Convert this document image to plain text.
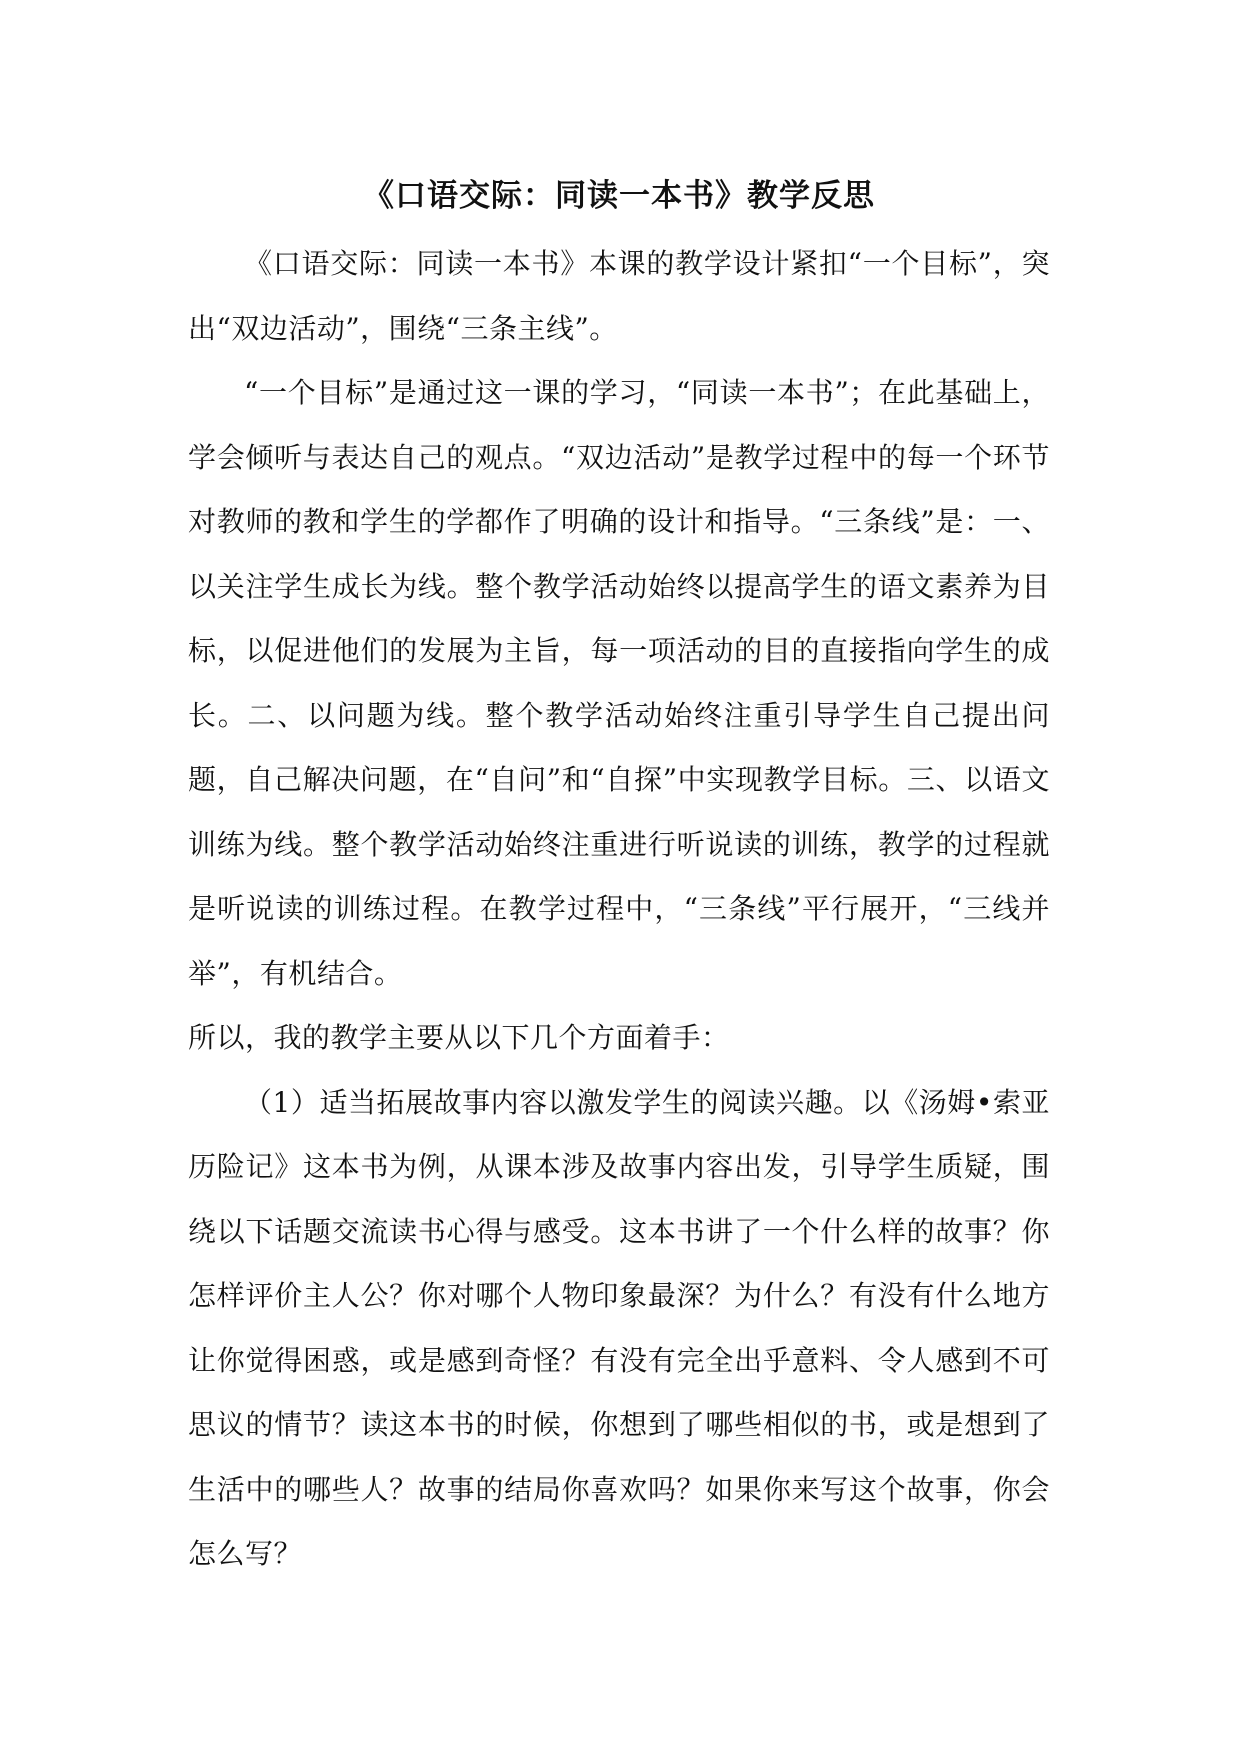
《口语交际：同读一本书》教学反思

《口语交际：同读一本书》本课的教学设计紧扣“一个目标”，突出“双边活动”，围绕“三条主线”。

“一个目标”是通过这一课的学习，“同读一本书”；在此基础上，学会倾听与表达自己的观点。“双边活动”是教学过程中的每一个环节对教师的教和学生的学都作了明确的设计和指导。“三条线”是：一、以关注学生成长为线。整个教学活动始终以提高学生的语文素养为目标，以促进他们的发展为主旨，每一项活动的目的直接指向学生的成长。二、以问题为线。整个教学活动始终注重引导学生自己提出问题，自己解决问题，在“自问”和“自探”中实现教学目标。三、以语文训练为线。整个教学活动始终注重进行听说读的训练，教学的过程就是听说读的训练过程。在教学过程中，“三条线”平行展开，“三线并举”，有机结合。

所以，我的教学主要从以下几个方面着手：

（1）适当拓展故事内容以激发学生的阅读兴趣。以《汤姆•索亚历险记》这本书为例，从课本涉及故事内容出发，引导学生质疑，围绕以下话题交流读书心得与感受。这本书讲了一个什么样的故事？你怎样评价主人公？你对哪个人物印象最深？为什么？有没有什么地方让你觉得困惑，或是感到奇怪？有没有完全出乎意料、令人感到不可思议的情节？读这本书的时候，你想到了哪些相似的书，或是想到了生活中的哪些人？故事的结局你喜欢吗？如果你来写这个故事，你会怎么写？
